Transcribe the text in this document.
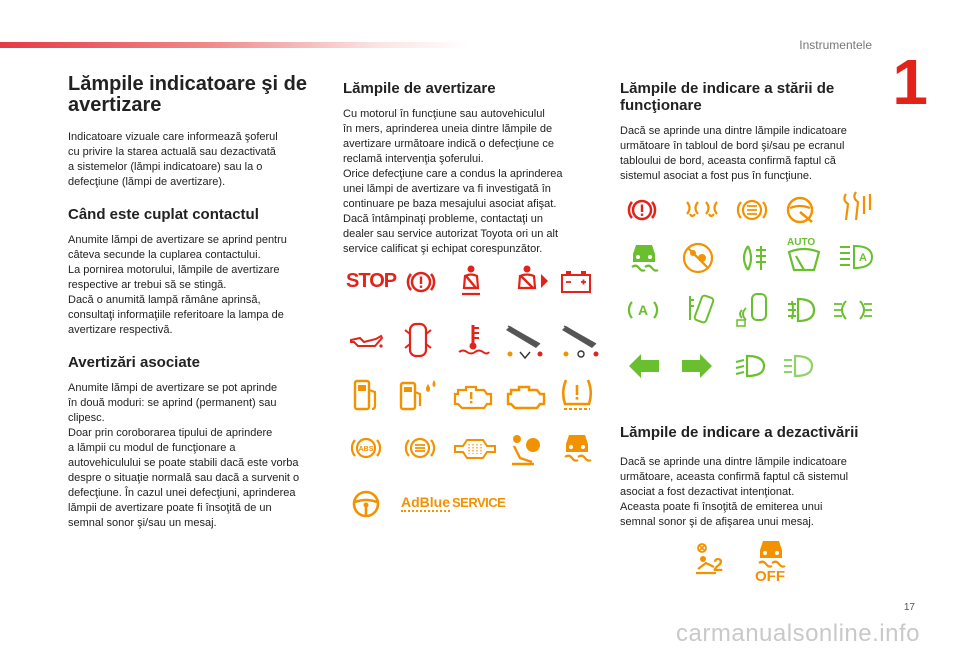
Instrumentele
1
Lămpile indicatoare şi de avertizare

Indicatoare vizuale care informează şoferul
cu privire la starea actuală sau dezactivată
a sistemelor (lămpi indicatoare) sau la o
defecţiune (lămpi de avertizare).

Când este cuplat contactul

Anumite lămpi de avertizare se aprind pentru
câteva secunde la cuplarea contactului.
La pornirea motorului, lămpile de avertizare
respective ar trebui să se stingă.
Dacă o anumită lampă rămâne aprinsă,
consultaţi informaţiile referitoare la lampa de
avertizare respectivă.

Avertizări asociate

Anumite lămpi de avertizare se pot aprinde
în două moduri: se aprind (permanent) sau
clipesc.
Doar prin coroborarea tipului de aprindere
a lămpii cu modul de funcţionare a
autovehiculului se poate stabili dacă este vorba
despre o situaţie normală sau dacă a survenit o
defecţiune. În cazul unei defecţiuni, aprinderea
lămpii de avertizare poate fi însoţită de un
semnal sonor şi/sau un mesaj.

Lămpile de avertizare

Cu motorul în funcţiune sau autovehiculul
în mers, aprinderea uneia dintre lămpile de
avertizare următoare indică o defecţiune ce
reclamă intervenţia şoferului.
Orice defecţiune care a condus la aprinderea
unei lămpi de avertizare va fi investigată în
continuare pe baza mesajului asociat afişat.
Dacă întâmpinaţi probleme, contactaţi un
dealer sau service autorizat Toyota ori un alt
service calificat şi echipat corespunzător.

STOP
ABS
AdBlue SERVICE
Lămpile de indicare a stării de funcţionare

Dacă se aprinde una dintre lămpile indicatoare
următoare în tabloul de bord şi/sau pe ecranul
tabloului de bord, aceasta confirmă faptul că
sistemul asociat a fost pus în funcţiune.

AUTO
A
A
Lămpile de indicare a dezactivării

Dacă se aprinde una dintre lămpile indicatoare
următoare, aceasta confirmă faptul că sistemul
asociat a fost dezactivat intenţionat.
Aceasta poate fi însoţită de emiterea unui
semnal sonor şi de afişarea unui mesaj.

2
OFF
17
carmanualsonline.info
